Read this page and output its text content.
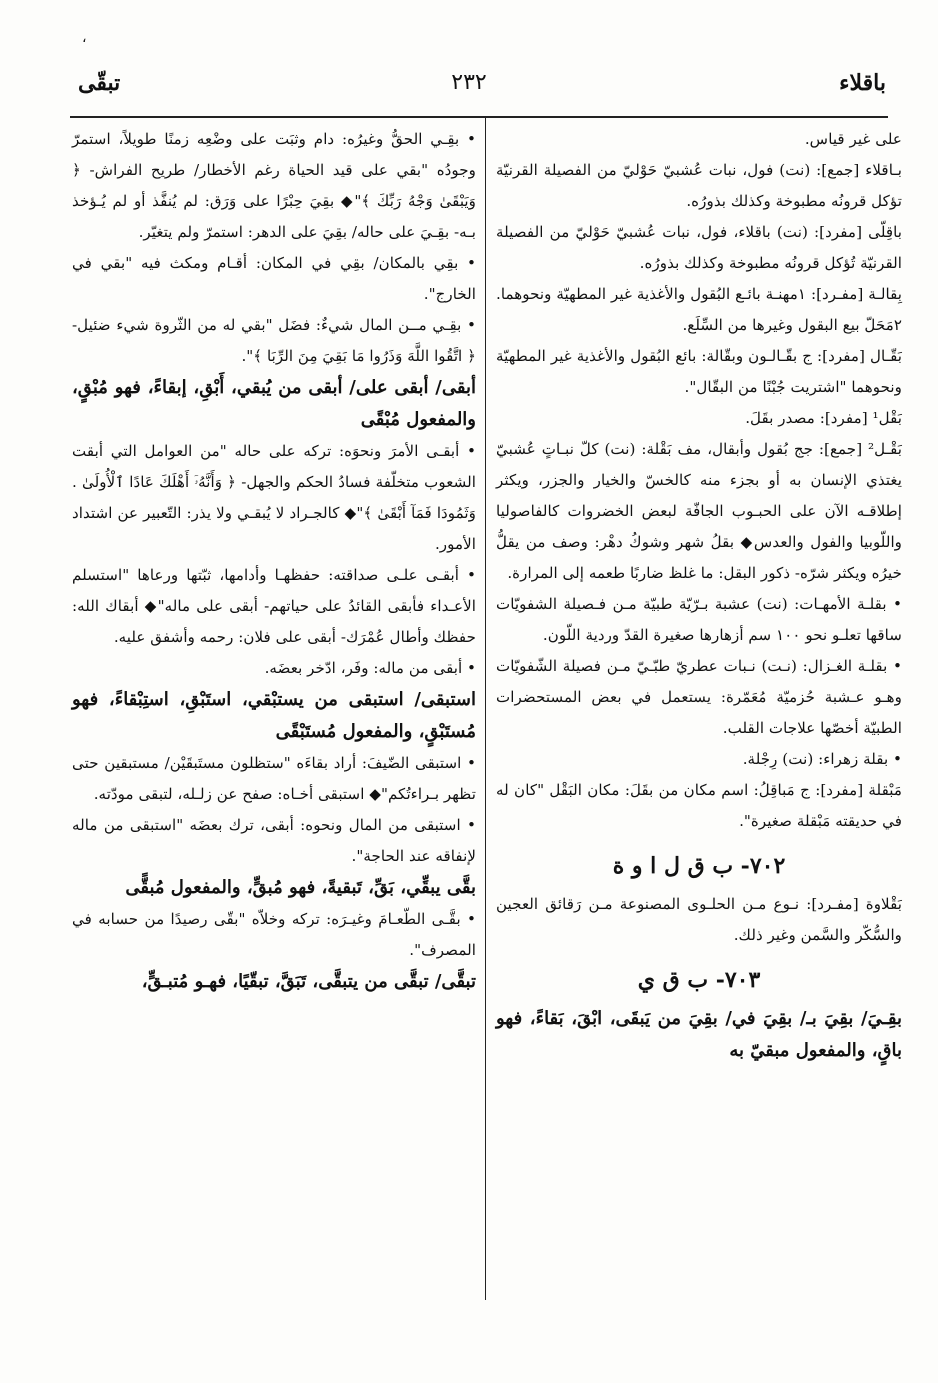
،
باقلاء
٢٣٢
تبقّى

على غير قياس.

بـاقلاء [جمع]: (نت) فول، نبات عُشبيّ حَوْليّ من الفصيلة القرنيّة تؤكل قرونُه مطبوخة وكذلك بذورُه.

باقِلّى [مفرد]: (نت) باقلاء، فول، نبات عُشبيّ حَوْليّ من الفصيلة القرنيّة تُؤكل قرونُه مطبوخة وكذلك بذورُه.

بِقالـة [مفـرد]: ١مهنـة بائـع البُقول والأغذية غير المطهيّة ونحوهما. ٢مَحَلّ بيع البقول وغيرها من السِّلَع.

بَقّـال [مفرد]: ج بقّـالـون وبقّالة: بائع البُقول والأغذية غير المطهيّة ونحوهما "اشتريت جُبْنًا من البقّال".

بَقْل¹ [مفرد]: مصدر بقَلَ.

بَقْـل² [جمع]: جج بُقول وأبقال، مف بَقْلة: (نت) كلّ نبـاتٍ عُشبيّ يغتذي الإنسان به أو بجزء منه كالخسّ والخيار والجزر، ويكثر إطلاقـه الآن على الحبـوب الجافّة لبعض الخضروات كالفاصوليا واللّوبيا والفول والعدس◆ بقلُ شهر وشوكُ دهْر: وصف من يقلُّ خيرُه ويكثر شرّه- ذكور البقل: ما غلظ ضاربًا طعمه إلى المرارة.

• بقلـة الأمهـات: (نت) عشبة بـرّيّة طبيّة مـن فـصيلة الشفويّات ساقها تعلـو نحو ١٠٠ سم أزهارها صغيرة القدّ وردية اللّون.

• بقلـة الغـزال: (نـت) نـبات عطريّ طبّـيّ مـن فصيلة الشّفويّات وهـو عـشبة حُزميّة مُعَمّرة: يستعمل في بعض المستحضرات الطبيّة أخصّها علاجات القلب.

• بقلة زهراء: (نت) رِجْلة.

مَبْقلة [مفرد]: ج مَباقِلُ: اسم مكان من بقَلَ: مكان البَقْل "كان له في حديقته مَبْقلة صغيرة".

٧٠٢- ب ق ل ا و ة

بَقْلاوة [مفـرد]: نـوع مـن الحلـوى المصنوعة مـن رَقائق العجين والسُّكّر والسَّمن وغير ذلك.

٧٠٣- ب ق ي

بقِـيَ/ بقِيَ بـ/ بقِيَ في/ بقِيَ من يَبقَى، ابْقَ، بَقاءً، فهو باقٍ، والمفعول مبقيّ به

• بقِـي الحقُّ وغيرُه: دام وثبَت على وضْعِه زمنًا طويلاً، استمرّ وجودُه "بقي على قيد الحياة رغم الأخطار/ طريح الفراش- ﴿ وَيَبْقَىٰ وَجْهُ رَبِّكَ ﴾"◆ بقِيَ حِبْرًا على وَرَق: لم يُنفَّذ أو لم يُـؤخذ بـه- بقِـيَ على حاله/ بقِيَ على الدهر: استمرّ ولم يتغيّر.

• بقِي بالمكان/ بقِي في المكان: أقـام ومكث فيه "بقي في الخارج".

• بقِـي مــن المال شيءٌ: فضَل "بقي له من الثّروة شيء ضئيل- ﴿ اتَّقُوا اللَّهَ وَذَرُوا مَا بَقِيَ مِنَ الرِّبَا ﴾".

أبقى/ أبقى على/ أبقى من يُبقي، أَبْقِ، إبقاءً، فهو مُبْقٍ، والمفعول مُبْقًى

• أبقـى الأمرَ ونحوَه: تركه على حاله "من العوامل التي أبقت الشعوب متخلّفة فسادُ الحكم والجهل- ﴿ وَأَنَّهُۥٓ أَهْلَكَ عَادًا ٱلْأُولَىٰ . وَثَمُودَا فَمَآ أَبْقَىٰ ﴾"◆ كالجـراد لا يُبقـي ولا يذر: التّعبير عن اشتداد الأمور.

• أبقـى علـى صداقته: حفظهـا وأدامها، ثبّتها ورعاها "استسلم الأعـداء فأبقى القائدُ على حياتهم- أبقى على ماله"◆ أبقاك الله: حفظك وأطال عُمْرَك- أبقى على فلان: رحمه وأشفق عليه.

• أبقى من ماله: وفَر، ادّخر بعضَه.

استبقى/ استبقى من يستبْقي، استَبْقِ، استِبْقاءً، فهو مُستَبْقٍ، والمفعول مُستَبْقًى

• استبقى الضّيفَ: أراد بقاءَه "ستظلون مستَبقَيْن/ مستبقين حتى تظهر بـراءتُكم"◆ استبقى أخـاه: صفح عن زلـله، لتبقى مودّته.

• استبقى من المال ونحوه: أبقى، ترك بعضَه "استبقى من ماله لإنفاقه عند الحاجة".

بقَّى يبقِّي، بَقِّ، تَبقيةً، فهو مُبقٍّ، والمفعول مُبقًّى

• بقَّـى الطّعـامَ وغيـرَه: تركه وخلاّه "بقّى رصيدًا من حسابه في المصرف".

تبقَّى/ تبقَّى من يتبقَّى، تَبَقَّ، تبقّيًا، فهـو مُتبـقٍّ،
